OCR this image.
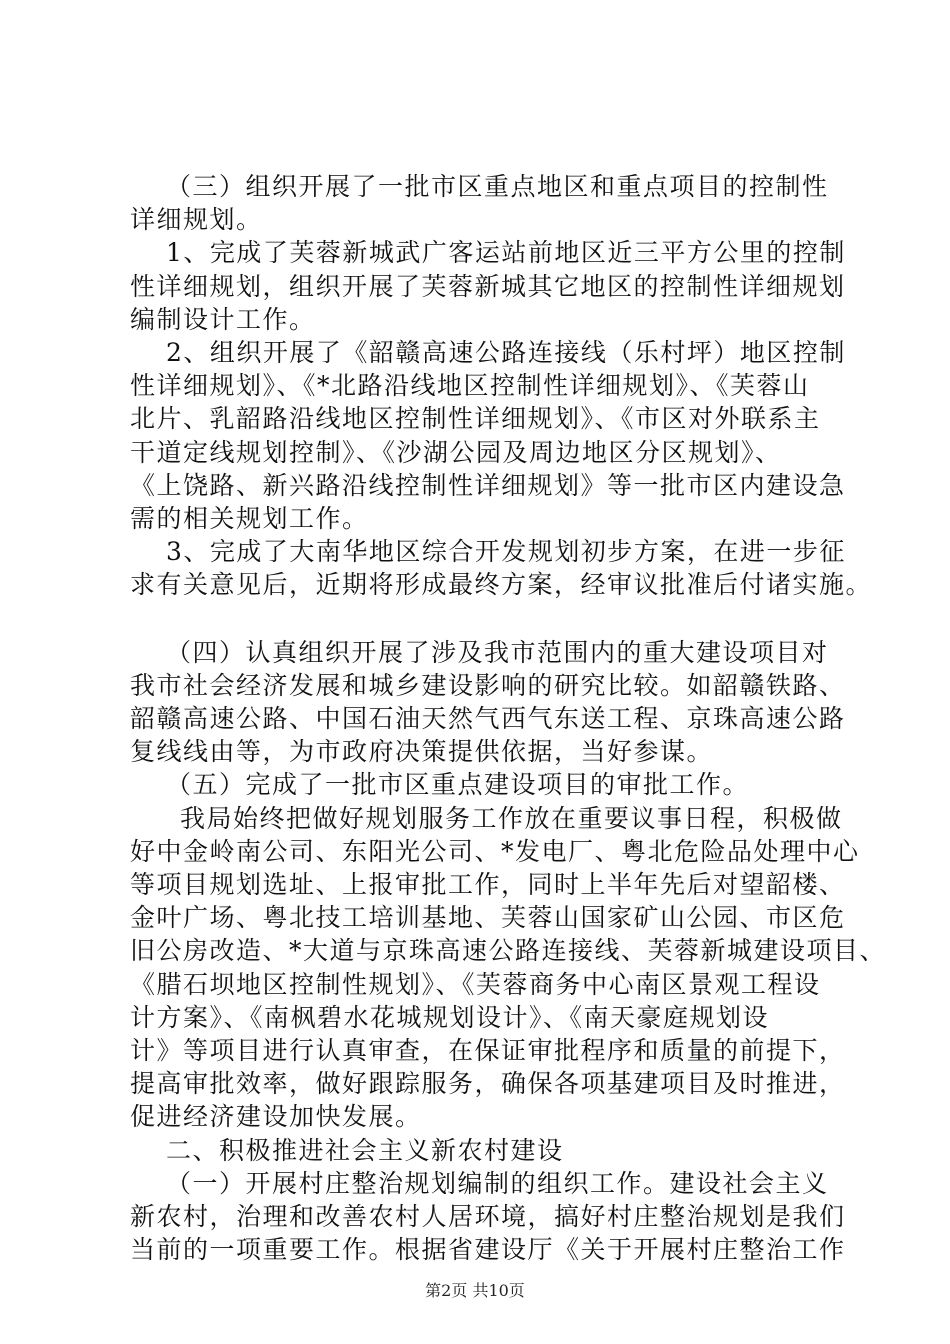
（三）组织开展了一批市区重点地区和重点项目的控制性
详细规划。
1、完成了芙蓉新城武广客运站前地区近三平方公里的控制
性详细规划，组织开展了芙蓉新城其它地区的控制性详细规划
编制设计工作。
2、组织开展了《韶赣高速公路连接线（乐村坪）地区控制
性详细规划》、《*北路沿线地区控制性详细规划》、《芙蓉山
北片、乳韶路沿线地区控制性详细规划》、《市区对外联系主
干道定线规划控制》、《沙湖公园及周边地区分区规划》、
《上饶路、新兴路沿线控制性详细规划》等一批市区内建设急
需的相关规划工作。
3、完成了大南华地区综合开发规划初步方案，在进一步征
求有关意见后，近期将形成最终方案，经审议批准后付诸实施。
（四）认真组织开展了涉及我市范围内的重大建设项目对
我市社会经济发展和城乡建设影响的研究比较。如韶赣铁路、
韶赣高速公路、中国石油天然气西气东送工程、京珠高速公路
复线线由等，为市政府决策提供依据，当好参谋。
（五）完成了一批市区重点建设项目的审批工作。
我局始终把做好规划服务工作放在重要议事日程，积极做
好中金岭南公司、东阳光公司、*发电厂、粤北危险品处理中心
等项目规划选址、上报审批工作，同时上半年先后对望韶楼、
金叶广场、粤北技工培训基地、芙蓉山国家矿山公园、市区危
旧公房改造、*大道与京珠高速公路连接线、芙蓉新城建设项目、
《腊石坝地区控制性规划》、《芙蓉商务中心南区景观工程设
计方案》、《南枫碧水花城规划设计》、《南天豪庭规划设
计》等项目进行认真审查，在保证审批程序和质量的前提下，
提高审批效率，做好跟踪服务，确保各项基建项目及时推进，
促进经济建设加快发展。
二、积极推进社会主义新农村建设
（一）开展村庄整治规划编制的组织工作。建设社会主义
新农村，治理和改善农村人居环境，搞好村庄整治规划是我们
当前的一项重要工作。根据省建设厅《关于开展村庄整治工作
第2页 共10页
